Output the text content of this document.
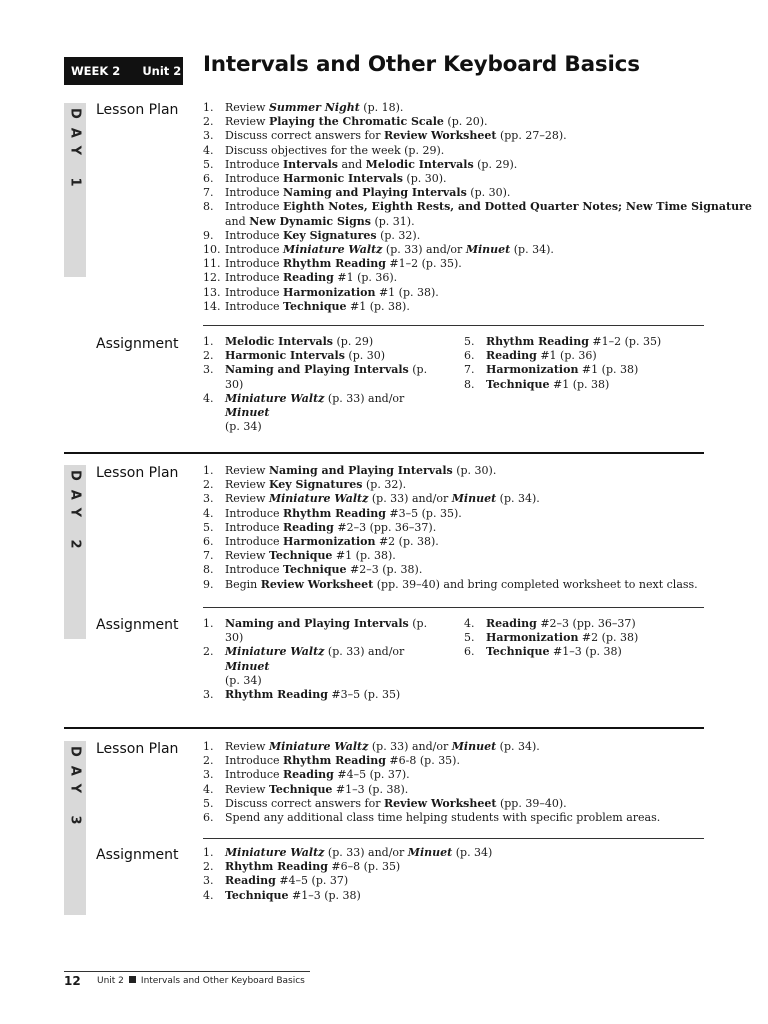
WEEK 2 Unit 2 Intervals and Other Keyboard Basics
DAY 1 Lesson Plan 1. Review Summer Night (p. 18).
2. Review Playing the Chromatic Scale (p. 20).
3. Discuss correct answers for Review Worksheet (pp. 27–28).
4. Discuss objectives for the week (p. 29).
5. Introduce Intervals and Melodic Intervals (p. 29).
6. Introduce Harmonic Intervals (p. 30).
7. Introduce Naming and Playing Intervals (p. 30).
8. Introduce Eighth Notes, Eighth Rests, and Dotted Quarter Notes; New Time Signature
and New Dynamic Signs (p. 31).
9. Introduce Key Signatures (p. 32).
10. Introduce Miniature Waltz (p. 33) and/or Minuet (p. 34).
11. Introduce Rhythm Reading #1–2 (p. 35).
12. Introduce Reading #1 (p. 36).
13. Introduce Harmonization #1 (p. 38).
14. Introduce Technique #1 (p. 38).
Assignment 1. Melodic Intervals (p. 29)
2. Harmonic Intervals (p. 30)
3. Naming and Playing Intervals (p. 30)
4. Miniature Waltz (p. 33) and/or Minuet
(p. 34)
5. Rhythm Reading #1–2 (p. 35)
6. Reading #1 (p. 36)
7. Harmonization #1 (p. 38)
8. Technique #1 (p. 38)
DAY 2 Lesson Plan 1. Review Naming and Playing Intervals (p. 30).
2. Review Key Signatures (p. 32).
3. Review Miniature Waltz (p. 33) and/or Minuet (p. 34).
4. Introduce Rhythm Reading #3–5 (p. 35).
5. Introduce Reading #2–3 (pp. 36–37).
6. Introduce Harmonization #2 (p. 38).
7. Review Technique #1 (p. 38).
8. Introduce Technique #2–3 (p. 38).
9. Begin Review Worksheet (pp. 39–40) and bring completed worksheet to next class.
Assignment 1. Naming and Playing Intervals (p. 30)
2. Miniature Waltz (p. 33) and/or Minuet
(p. 34)
3. Rhythm Reading #3–5 (p. 35)
4. Reading #2–3 (pp. 36–37)
5. Harmonization #2 (p. 38)
6. Technique #1–3 (p. 38)
DAY 3 Lesson Plan 1. Review Miniature Waltz (p. 33) and/or Minuet (p. 34).
2. Introduce Rhythm Reading #6-8 (p. 35).
3. Introduce Reading #4–5 (p. 37).
4. Review Technique #1–3 (p. 38).
5. Discuss correct answers for Review Worksheet (pp. 39–40).
6. Spend any additional class time helping students with specific problem areas.
Assignment 1. Miniature Waltz (p. 33) and/or Minuet (p. 34)
2. Rhythm Reading #6–8 (p. 35)
3. Reading #4–5 (p. 37)
4. Technique #1–3 (p. 38)
12 Unit 2 Intervals and Other Keyboard Basics
